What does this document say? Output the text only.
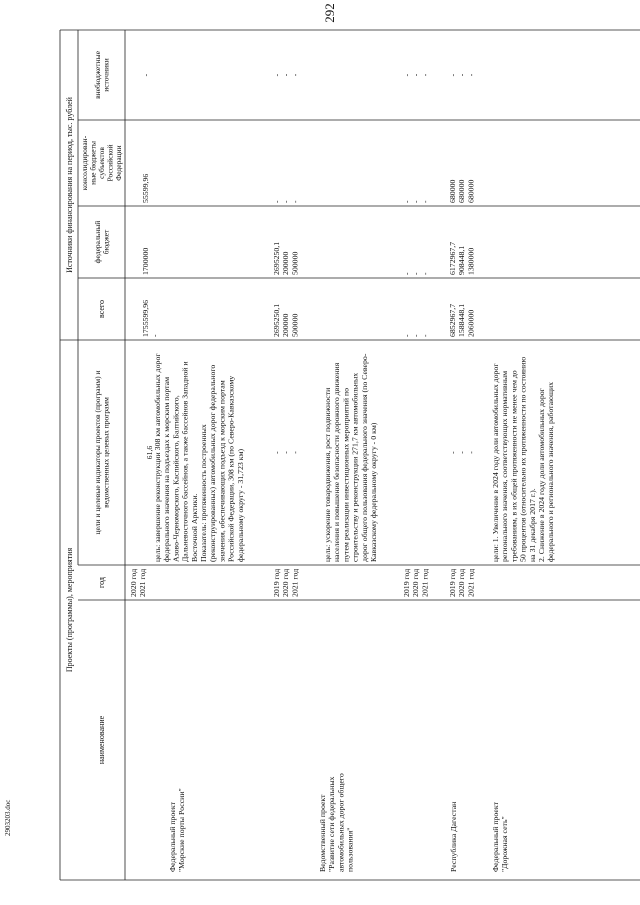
292
Проекты (программы), мероприятия
Источники финансирования на период, тыс. рублей
наименование
год
цели и целевые индикаторы проектов (программ) и ведомственных целевых программ
всего
федеральный бюджет
консолидирован- ные бюджеты субъектов Российской Федерации
внебюджетные источники
2020 год 2021 год
61,6
1755599,96 -
1700000
55599,96
-
Федеральный проект "Морские порты России"
цель: завершение реконструкции 308 км автомобильных дорог федерального значения на подъездах к морским портам Азово-Черноморского, Каспийского, Балтийского, Дальневосточного бассейнов, а также бассейнов Западной и Восточной Арктики. Показатель: протяженность построенных (реконструированных) автомобильных дорог федерального значения, обеспечивающих подъезд к морским портам Российской Федерации, 308 км (по Северо-Кавказскому федеральному округу - 31,723 км)
2019 год 2020 год 2021 год
- - -
2695250,1 200000 500000
2695250,1 200000 500000
- - -
- - -
Ведомственный проект "Развитие сети федеральных автомобильных дорог общего пользования"
цель: ускорение товародвижения, рост подвижности населения и повышение безопасности дорожного движения путем реализации инвестиционных мероприятий по строительству и реконструкции 271,7 км автомобильных дорог общего пользования федерального значения (по Северо- Кавказскому федеральному округу - 0 км)
2019 год 2020 год 2021 год
- - -
- - -
- - -
- - -
Республика Дагестан
2019 год 2020 год 2021 год
- - -
6852967,7 1588448,1 2060000
6172967,7 908448,1 1380000
680000 680000 680000
- - -
Федеральный проект "Дорожная сеть"
цели: 1. Увеличение в 2024 году доли автомобильных дорог регионального значения, соответствующих нормативным требованиям, в их общей протяженности не менее чем до 50 процентов (относительно их протяженности по состоянию на 31 декабря 2017 г.). 2. Снижение в 2024 году доли автомобильных дорог федерального и регионального значения, работающих
2903203.doc
